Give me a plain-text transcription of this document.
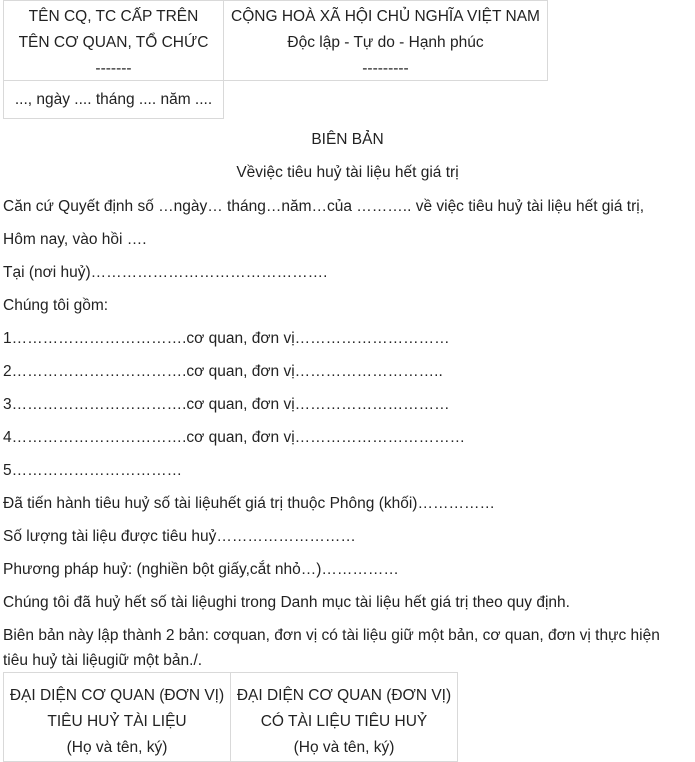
TÊN CQ, TC CẤP TRÊN
TÊN CƠ QUAN, TỔ CHỨC
-------
CỘNG HOÀ XÃ HỘI CHỦ NGHĨA VIỆT NAM
Độc lập - Tự do - Hạnh phúc
---------
..., ngày .... tháng .... năm ....
BIÊN BẢN
Vềviệc tiêu huỷ tài liệu hết giá trị
Căn cứ Quyết định số …ngày… tháng…năm…của ……….. về việc tiêu huỷ tài liệu hết giá trị,
Hôm nay, vào hồi ….
Tại (nơi huỷ)……………………………………….
Chúng tôi gồm:
1…………………………….cơ quan, đơn vị…………………………
2…………………………….cơ quan, đơn vị………………………..
3…………………………….cơ quan, đơn vị…………………………
4…………………………….cơ quan, đơn vị……………………………
5……………………………
Đã tiến hành tiêu huỷ số tài liệuhết giá trị thuộc Phông (khối)……………
Số lượng tài liệu được tiêu huỷ………………………
Phương pháp huỷ: (nghiền bột giấy,cắt nhỏ…)……………
Chúng tôi đã huỷ hết số tài liệughi trong Danh mục tài liệu hết giá trị theo quy định.
Biên bản này lập thành 2 bản: cơquan, đơn vị có tài liệu giữ một bản, cơ quan, đơn vị thực hiện
tiêu huỷ tài liệugiữ một bản./.
ĐẠI DIỆN CƠ QUAN (ĐƠN VỊ)
TIÊU HUỶ TÀI LIỆU
(Họ và tên, ký)
ĐẠI DIỆN CƠ QUAN (ĐƠN VỊ)
CÓ TÀI LIỆU TIÊU HUỶ
(Họ và tên, ký)
